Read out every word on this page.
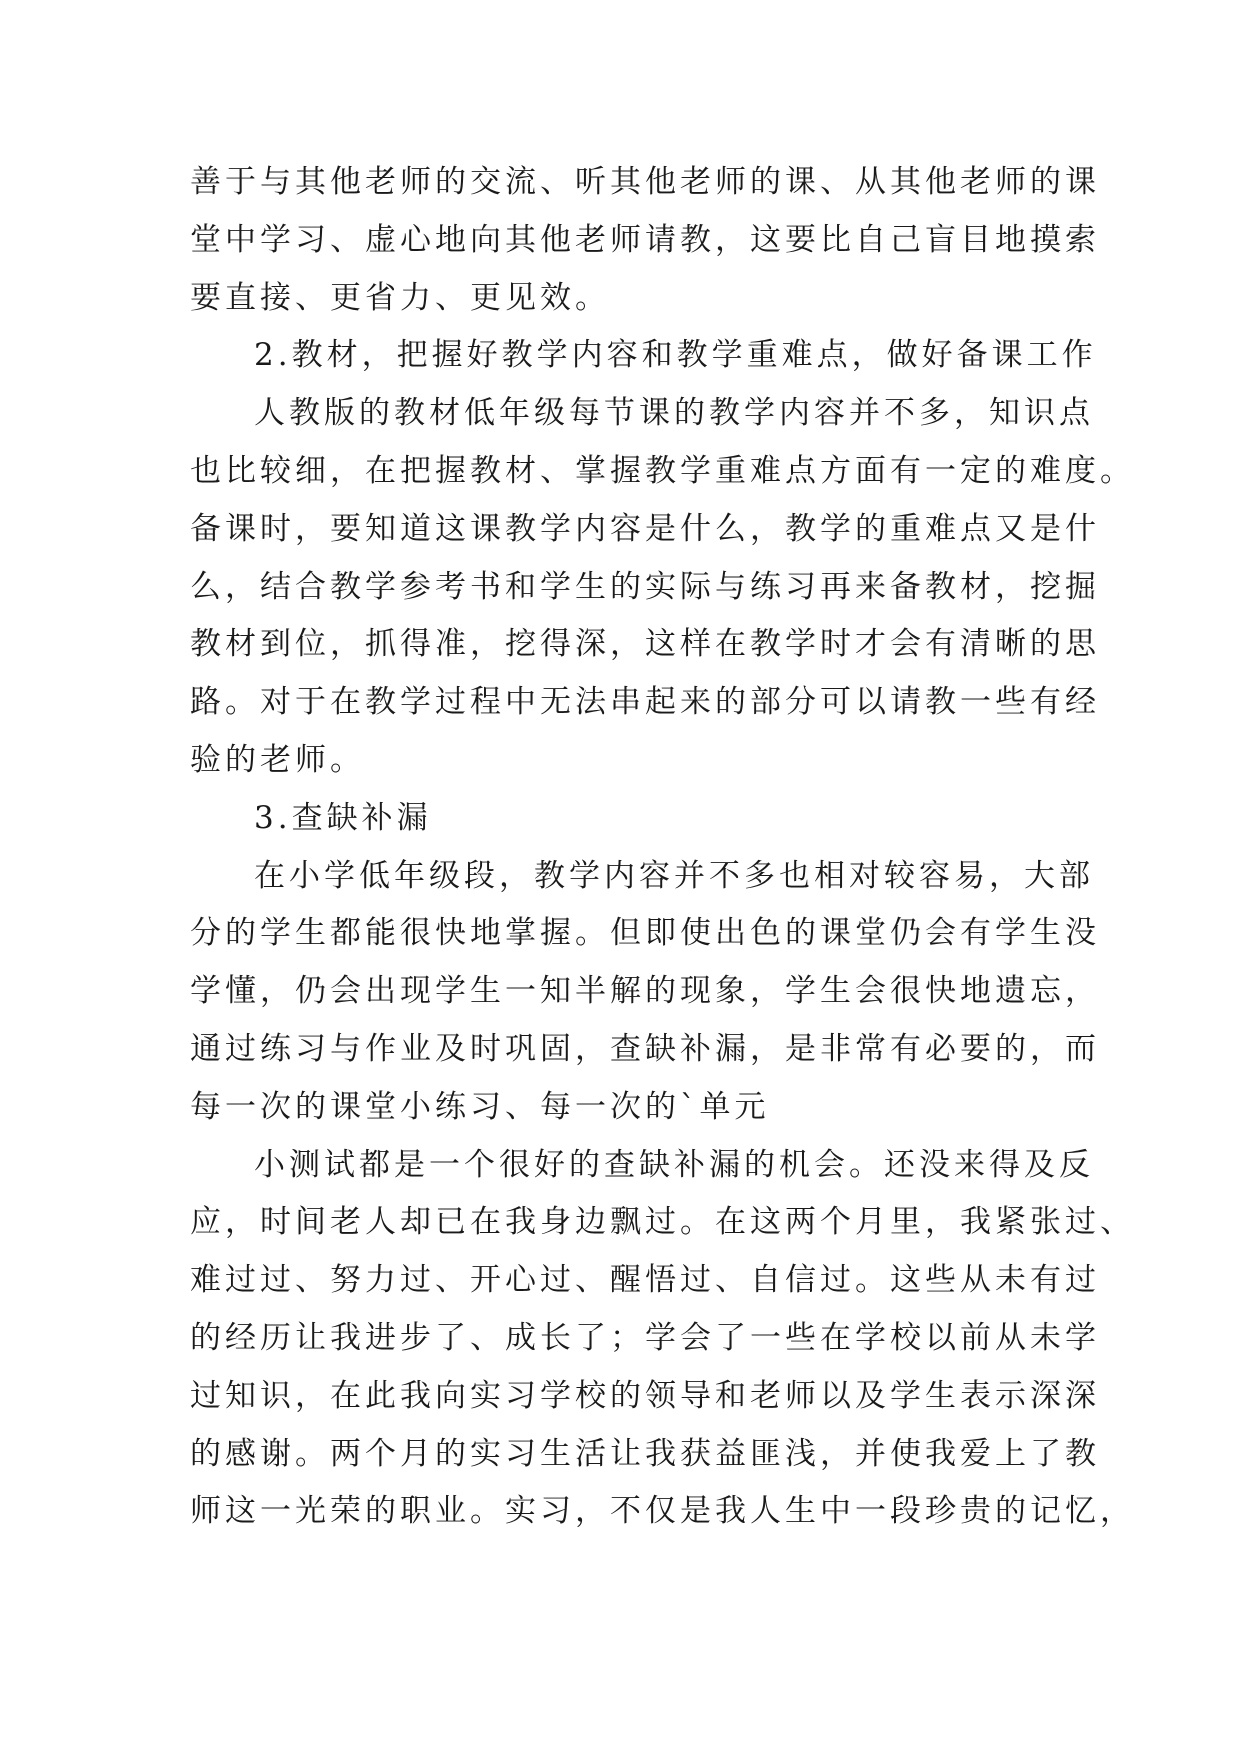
善于与其他老师的交流、听其他老师的课、从其他老师的课
堂中学习、虚心地向其他老师请教，这要比自己盲目地摸索
要直接、更省力、更见效。
2.教材，把握好教学内容和教学重难点，做好备课工作
人教版的教材低年级每节课的教学内容并不多，知识点
也比较细，在把握教材、掌握教学重难点方面有一定的难度。
备课时，要知道这课教学内容是什么，教学的重难点又是什
么，结合教学参考书和学生的实际与练习再来备教材，挖掘
教材到位，抓得准，挖得深，这样在教学时才会有清晰的思
路。对于在教学过程中无法串起来的部分可以请教一些有经
验的老师。
3.查缺补漏
在小学低年级段，教学内容并不多也相对较容易，大部
分的学生都能很快地掌握。但即使出色的课堂仍会有学生没
学懂，仍会出现学生一知半解的现象，学生会很快地遗忘，
通过练习与作业及时巩固，查缺补漏，是非常有必要的，而
每一次的课堂小练习、每一次的`单元
小测试都是一个很好的查缺补漏的机会。还没来得及反
应，时间老人却已在我身边飘过。在这两个月里，我紧张过、
难过过、努力过、开心过、醒悟过、自信过。这些从未有过
的经历让我进步了、成长了；学会了一些在学校以前从未学
过知识，在此我向实习学校的领导和老师以及学生表示深深
的感谢。两个月的实习生活让我获益匪浅，并使我爱上了教
师这一光荣的职业。实习，不仅是我人生中一段珍贵的记忆，
